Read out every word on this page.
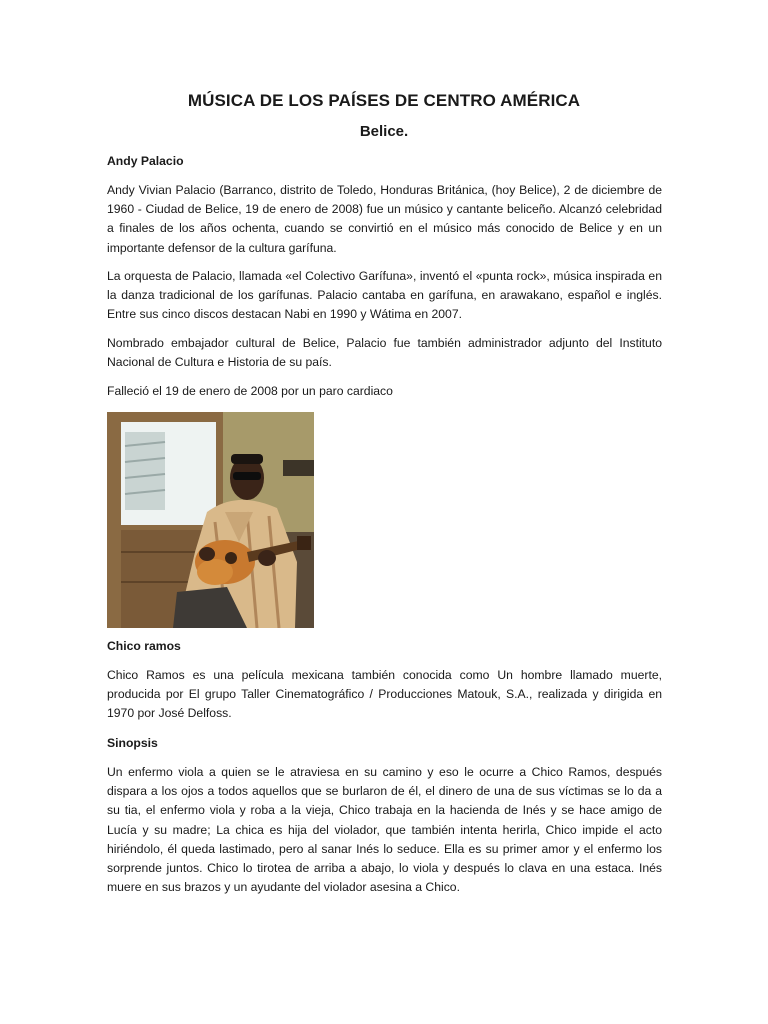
MÚSICA DE LOS PAÍSES DE CENTRO AMÉRICA
Belice.
Andy Palacio
Andy Vivian Palacio (Barranco, distrito de Toledo, Honduras Británica, (hoy Belice), 2 de diciembre de 1960 - Ciudad de Belice, 19 de enero de 2008) fue un músico y cantante beliceño. Alcanzó celebridad a finales de los años ochenta, cuando se convirtió en el músico más conocido de Belice y en un importante defensor de la cultura garífuna.
La orquesta de Palacio, llamada «el Colectivo Garífuna», inventó el «punta rock», música inspirada en la danza tradicional de los garífunas. Palacio cantaba en garífuna, en arawakano, español e inglés. Entre sus cinco discos destacan Nabi en 1990 y Wátima en 2007.
Nombrado embajador cultural de Belice, Palacio fue también administrador adjunto del Instituto Nacional de Cultura e Historia de su país.
Falleció el 19 de enero de 2008 por un paro cardiaco
Chico ramos
Chico Ramos es una película mexicana también conocida como Un hombre llamado muerte, producida por El grupo Taller Cinematográfico / Producciones Matouk, S.A., realizada y dirigida en 1970 por José Delfoss.
Sinopsis
Un enfermo viola a quien se le atraviesa en su camino y eso le ocurre a Chico Ramos, después dispara a los ojos a todos aquellos que se burlaron de él, el dinero de una de sus víctimas se lo da a su tia, el enfermo viola y roba a la vieja, Chico trabaja en la hacienda de Inés y se hace amigo de Lucía y su madre; La chica es hija del violador, que también intenta herirla, Chico impide el acto hiriéndolo, él queda lastimado, pero al sanar Inés lo seduce. Ella es su primer amor y el enfermo los sorprende juntos. Chico lo tirotea de arriba a abajo, lo viola y después lo clava en una estaca. Inés muere en sus brazos y un ayudante del violador asesina a Chico.
